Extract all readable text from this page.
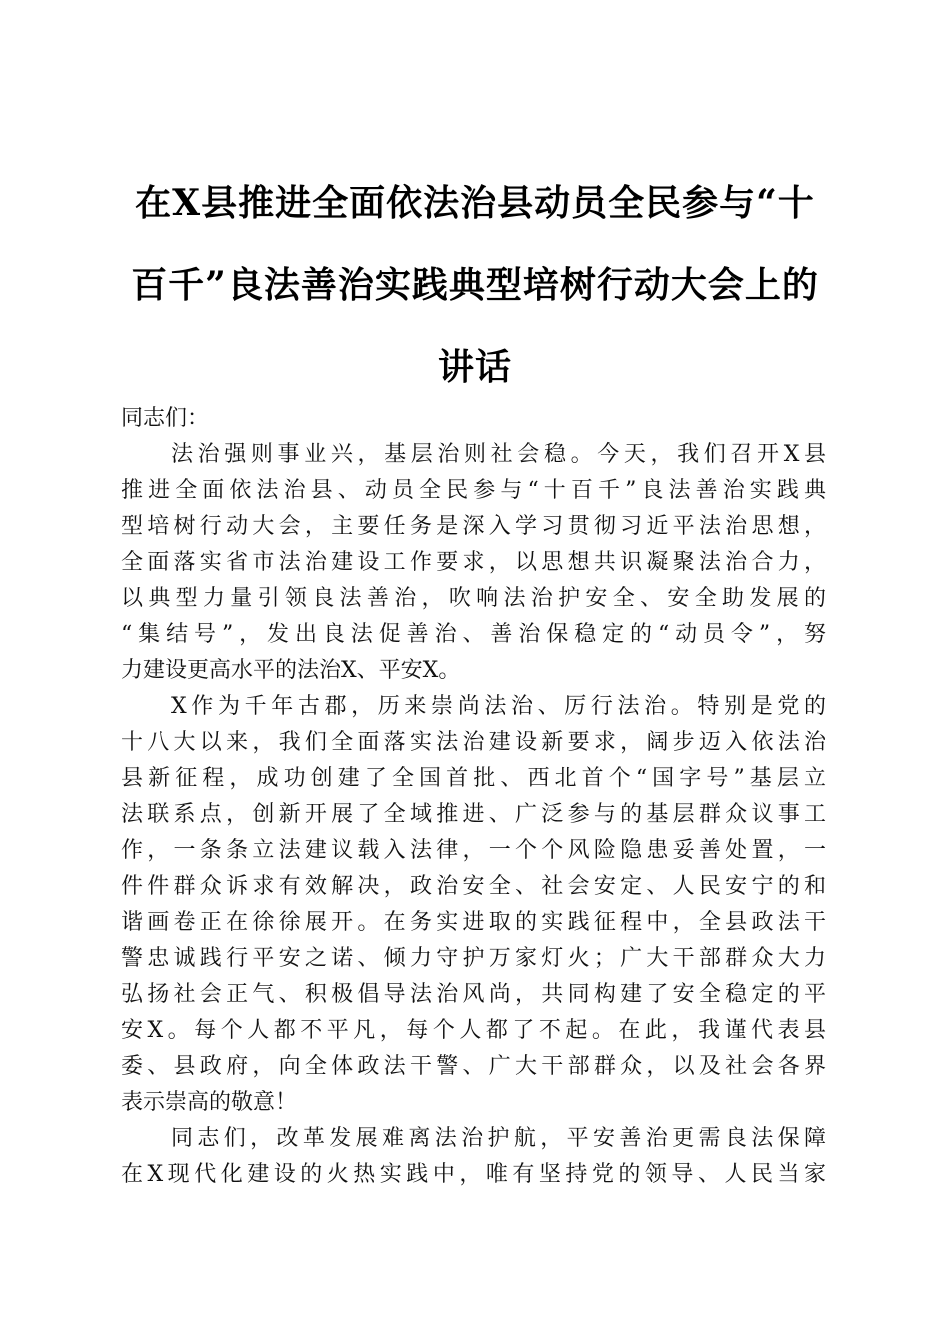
在X县推进全面依法治县动员全民参与“十百千”良法善治实践典型培树行动大会上的讲话

同志们：

法治强则事业兴，基层治则社会稳。今天，我们召开X县
推进全面依法治县、动员全民参与“十百千”良法善治实践典
型培树行动大会，主要任务是深入学习贯彻习近平法治思想，
全面落实省市法治建设工作要求，以思想共识凝聚法治合力，
以典型力量引领良法善治，吹响法治护安全、安全助发展的
“集结号”，发出良法促善治、善治保稳定的“动员令”，努
力建设更高水平的法治X、平安X。

X作为千年古郡，历来崇尚法治、厉行法治。特别是党的
十八大以来，我们全面落实法治建设新要求，阔步迈入依法治
县新征程，成功创建了全国首批、西北首个“国字号”基层立
法联系点，创新开展了全域推进、广泛参与的基层群众议事工
作，一条条立法建议载入法律，一个个风险隐患妥善处置，一
件件群众诉求有效解决，政治安全、社会安定、人民安宁的和
谐画卷正在徐徐展开。在务实进取的实践征程中，全县政法干
警忠诚践行平安之诺、倾力守护万家灯火；广大干部群众大力
弘扬社会正气、积极倡导法治风尚，共同构建了安全稳定的平
安X。每个人都不平凡，每个人都了不起。在此，我谨代表县
委、县政府，向全体政法干警、广大干部群众，以及社会各界
表示崇高的敬意！

同志们，改革发展难离法治护航，平安善治更需良法保障
在X现代化建设的火热实践中，唯有坚持党的领导、人民当家
